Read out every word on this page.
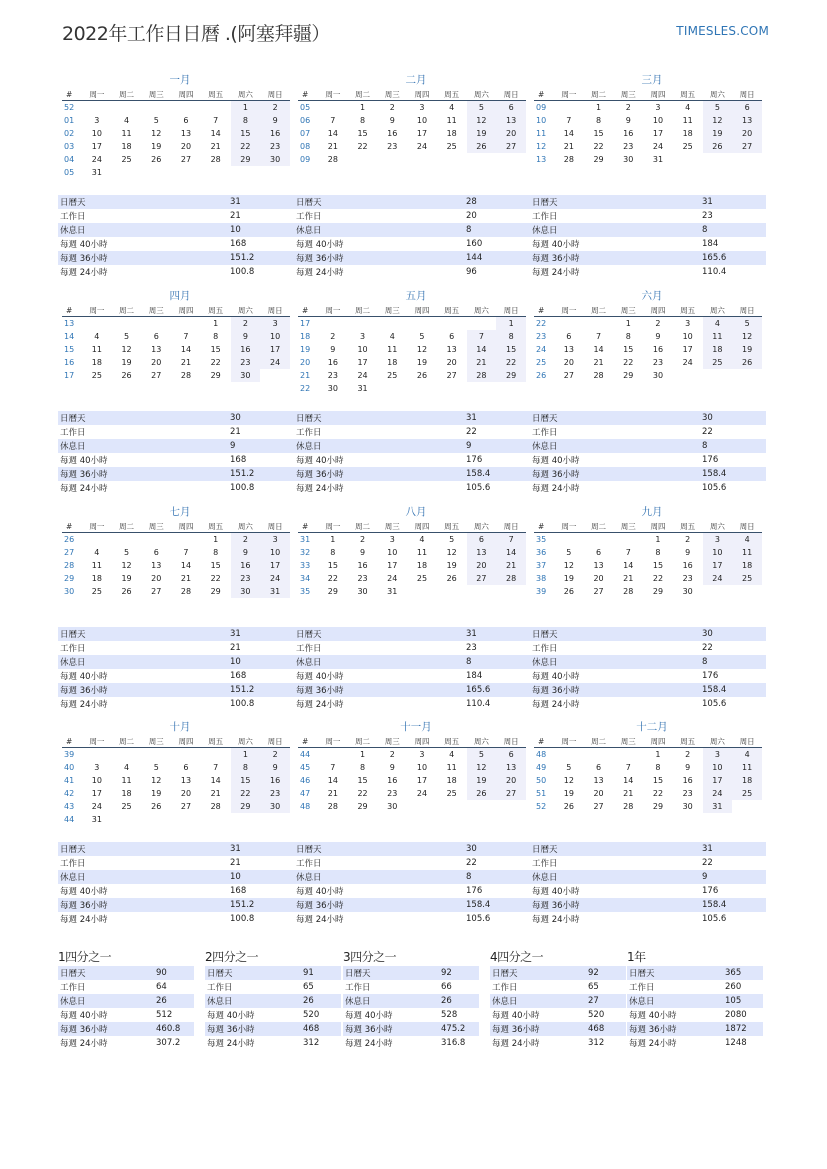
2022年工作日日曆 .(阿塞拜疆）	TIMESLES.COM
一月
#	周一	周二	周三	周四	周五	周六	周日
52						1	2
01	3	4	5	6	7	8	9
02	10	11	12	13	14	15	16
03	17	18	19	20	21	22	23
04	24	25	26	27	28	29	30
05	31						
日曆天	31
工作日	21
休息日	10
每週 40小時	168
每週 36小時	151.2
每週 24小時	100.8
二月
#	周一	周二	周三	周四	周五	周六	周日
05		1	2	3	4	5	6
06	7	8	9	10	11	12	13
07	14	15	16	17	18	19	20
08	21	22	23	24	25	26	27
09	28						
日曆天	28
工作日	20
休息日	8
每週 40小時	160
每週 36小時	144
每週 24小時	96
三月
#	周一	周二	周三	周四	周五	周六	周日
09		1	2	3	4	5	6
10	7	8	9	10	11	12	13
11	14	15	16	17	18	19	20
12	21	22	23	24	25	26	27
13	28	29	30	31			
日曆天	31
工作日	23
休息日	8
每週 40小時	184
每週 36小時	165.6
每週 24小時	110.4
四月
#	周一	周二	周三	周四	周五	周六	周日
13					1	2	3
14	4	5	6	7	8	9	10
15	11	12	13	14	15	16	17
16	18	19	20	21	22	23	24
17	25	26	27	28	29	30	
日曆天	30
工作日	21
休息日	9
每週 40小時	168
每週 36小時	151.2
每週 24小時	100.8
五月
#	周一	周二	周三	周四	周五	周六	周日
17							1
18	2	3	4	5	6	7	8
19	9	10	11	12	13	14	15
20	16	17	18	19	20	21	22
21	23	24	25	26	27	28	29
22	30	31					
日曆天	31
工作日	22
休息日	9
每週 40小時	176
每週 36小時	158.4
每週 24小時	105.6
六月
#	周一	周二	周三	周四	周五	周六	周日
22			1	2	3	4	5
23	6	7	8	9	10	11	12
24	13	14	15	16	17	18	19
25	20	21	22	23	24	25	26
26	27	28	29	30			
日曆天	30
工作日	22
休息日	8
每週 40小時	176
每週 36小時	158.4
每週 24小時	105.6
七月
#	周一	周二	周三	周四	周五	周六	周日
26					1	2	3
27	4	5	6	7	8	9	10
28	11	12	13	14	15	16	17
29	18	19	20	21	22	23	24
30	25	26	27	28	29	30	31
日曆天	31
工作日	21
休息日	10
每週 40小時	168
每週 36小時	151.2
每週 24小時	100.8
八月
#	周一	周二	周三	周四	周五	周六	周日
31	1	2	3	4	5	6	7
32	8	9	10	11	12	13	14
33	15	16	17	18	19	20	21
34	22	23	24	25	26	27	28
35	29	30	31				
日曆天	31
工作日	23
休息日	8
每週 40小時	184
每週 36小時	165.6
每週 24小時	110.4
九月
#	周一	周二	周三	周四	周五	周六	周日
35				1	2	3	4
36	5	6	7	8	9	10	11
37	12	13	14	15	16	17	18
38	19	20	21	22	23	24	25
39	26	27	28	29	30		
日曆天	30
工作日	22
休息日	8
每週 40小時	176
每週 36小時	158.4
每週 24小時	105.6
十月
#	周一	周二	周三	周四	周五	周六	周日
39						1	2
40	3	4	5	6	7	8	9
41	10	11	12	13	14	15	16
42	17	18	19	20	21	22	23
43	24	25	26	27	28	29	30
44	31						
日曆天	31
工作日	21
休息日	10
每週 40小時	168
每週 36小時	151.2
每週 24小時	100.8
十一月
#	周一	周二	周三	周四	周五	周六	周日
44		1	2	3	4	5	6
45	7	8	9	10	11	12	13
46	14	15	16	17	18	19	20
47	21	22	23	24	25	26	27
48	28	29	30				
日曆天	30
工作日	22
休息日	8
每週 40小時	176
每週 36小時	158.4
每週 24小時	105.6
十二月
#	周一	周二	周三	周四	周五	周六	周日
48				1	2	3	4
49	5	6	7	8	9	10	11
50	12	13	14	15	16	17	18
51	19	20	21	22	23	24	25
52	26	27	28	29	30	31	
日曆天	31
工作日	22
休息日	9
每週 40小時	176
每週 36小時	158.4
每週 24小時	105.6
1四分之一
日曆天	90
工作日	64
休息日	26
每週 40小時	512
每週 36小時	460.8
每週 24小時	307.2
2四分之一
日曆天	91
工作日	65
休息日	26
每週 40小時	520
每週 36小時	468
每週 24小時	312
3四分之一
日曆天	92
工作日	66
休息日	26
每週 40小時	528
每週 36小時	475.2
每週 24小時	316.8
4四分之一
日曆天	92
工作日	65
休息日	27
每週 40小時	520
每週 36小時	468
每週 24小時	312
1年
日曆天	365
工作日	260
休息日	105
每週 40小時	2080
每週 36小時	1872
每週 24小時	1248
